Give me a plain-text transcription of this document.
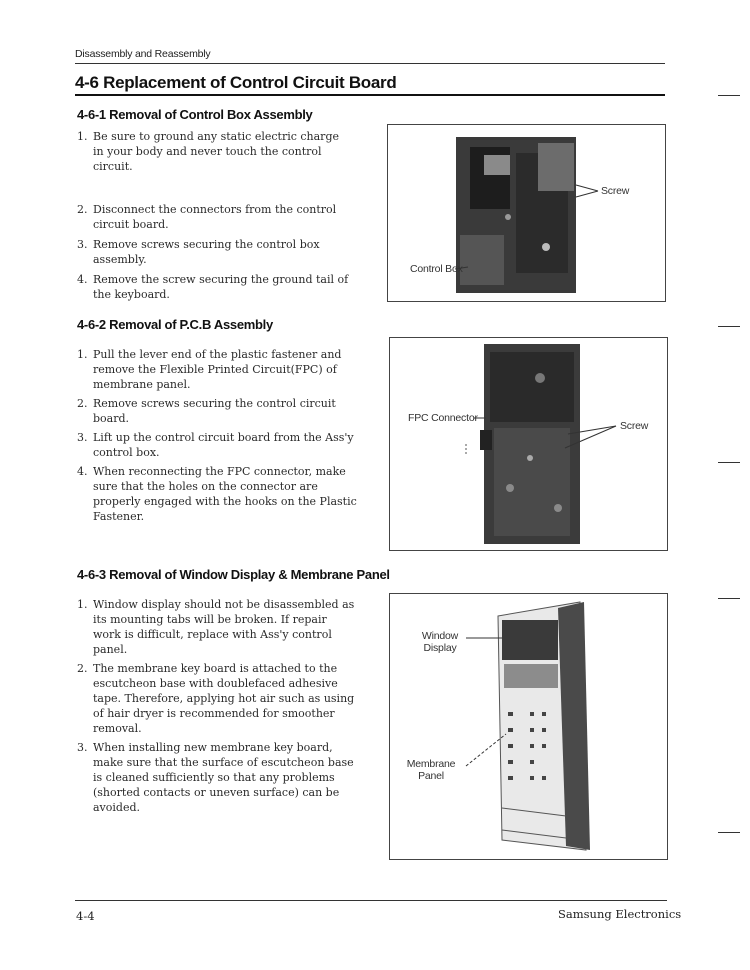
Disassembly and Reassembly
4-6 Replacement of Control Circuit Board
4-6-1 Removal of Control Box Assembly
1. Be sure to ground any static electric charge in your body and never touch the control circuit.
2. Disconnect the connectors from the control circuit board.
3. Remove screws securing the control box assembly.
4. Remove the screw securing the ground tail of the keyboard.
Screw
Control Box
4-6-2 Removal of P.C.B Assembly
1. Pull the lever end of the plastic fastener and remove the Flexible Printed Circuit(FPC) of membrane panel.
2. Remove screws securing the control circuit board.
3. Lift up the control circuit board from the Ass'y control box.
4. When reconnecting the FPC connector, make sure that the holes on the connector are properly engaged with the hooks on the Plastic Fastener.
FPC Connector
Screw
4-6-3 Removal of Window Display & Membrane Panel
1. Window display should not be disassembled as its mounting tabs will be broken. If repair work is difficult, replace with Ass'y control panel.
2. The membrane key board is attached to the escutcheon base with doublefaced adhesive tape. Therefore, applying hot air such as using of hair dryer is recommended for smoother removal.
3. When installing new membrane key board, make sure that the surface of escutcheon base is cleaned sufficiently so that any problems (shorted contacts or uneven surface) can be avoided.
Window Display
Membrane Panel
4-4	Samsung Electronics
